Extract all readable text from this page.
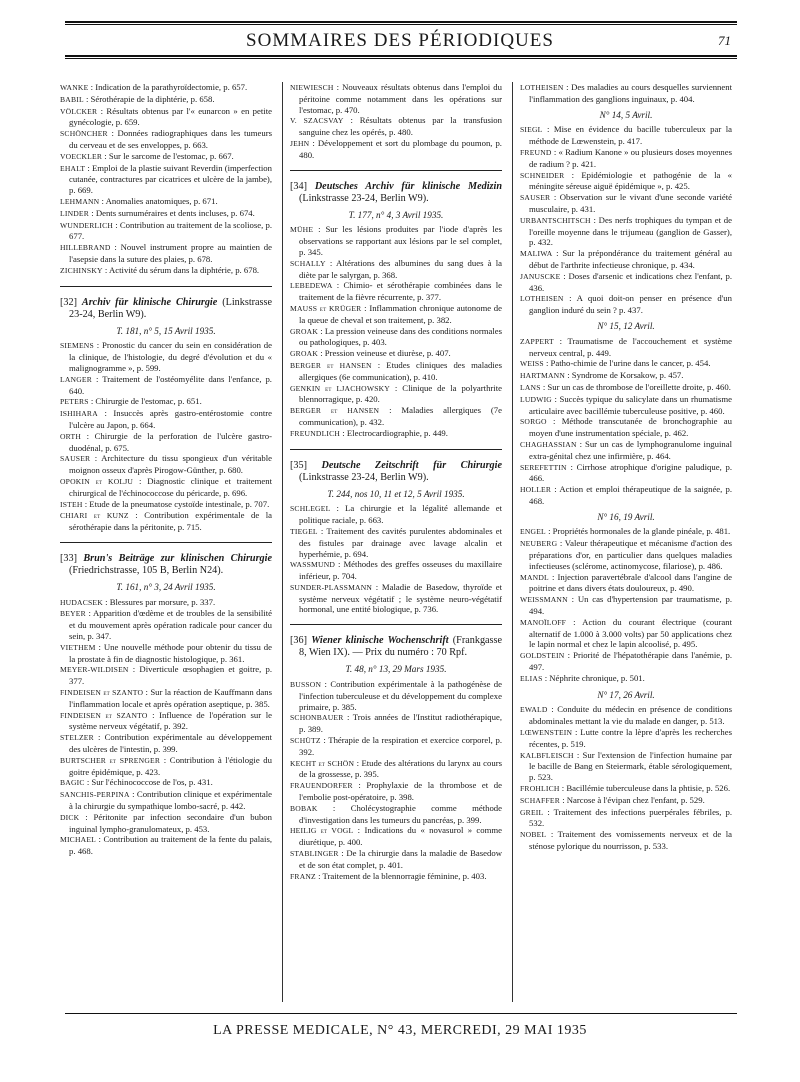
SOMMAIRES DES PÉRIODIQUES	71

WANKE : Indication de la parathyroïdectomie, p. 657.

BABIL : Sérothérapie de la diphtérie, p. 658.

VÖLCKER : Résultats obtenus par l'« eunarcon » en petite gynécologie, p. 659.

SCHÖNCHER : Données radiographiques dans les tumeurs du cerveau et de ses enveloppes, p. 663.

VOECKLER : Sur le sarcome de l'estomac, p. 667.

EHALT : Emploi de la plastie suivant Reverdin (imperfection cutanée, contractures par cicatrices et ulcère de la jambe), p. 669.

LEHMANN : Anomalies anatomiques, p. 671.

LINDER : Dents surnuméraires et dents incluses, p. 674.

WUNDERLICH : Contribution au traitement de la scoliose, p. 677.

HILLEBRAND : Nouvel instrument propre au maintien de l'asepsie dans la suture des plaies, p. 678.

ZICHINSKY : Activité du sérum dans la diphtérie, p. 678.

[32] Archiv für klinische Chirurgie (Linkstrasse 23-24, Berlin W9).

T. 181, n° 5, 15 Avril 1935.

SIEMENS : Pronostic du cancer du sein en considération de la clinique, de l'histologie, du degré d'évolution et du « malignogramme », p. 599.

LANGER : Traitement de l'ostéomyélite dans l'enfance, p. 640.

PETERS : Chirurgie de l'estomac, p. 651.

ISHIHARA : Insuccès après gastro-entérostomie contre l'ulcère au Japon, p. 664.

ORTH : Chirurgie de la perforation de l'ulcère gastro-duodénal, p. 675.

SAUSER : Architecture du tissu spongieux d'un véritable moignon osseux d'après Pirogow-Günther, p. 680.

OPOKIN et KOLJU : Diagnostic clinique et traitement chirurgical de l'échinococcose du péricarde, p. 696.

ISTEH : Etude de la pneumatose cystoïde intestinale, p. 707.

CHIARI et KUNZ : Contribution expérimentale de la sérothérapie dans la péritonite, p. 715.

[33] Brun's Beiträge zur klinischen Chirurgie (Friedrichstrasse, 105 B, Berlin N24).

T. 161, n° 3, 24 Avril 1935.

HUDACSEK : Blessures par morsure, p. 337.

BEYER : Apparition d'œdème et de troubles de la sensibilité et du mouvement après opération radicale pour cancer du sein, p. 347.

VIETHEM : Une nouvelle méthode pour obtenir du tissu de la prostate à fin de diagnostic histologique, p. 361.

MEYER-WILDISEN : Diverticule œsophagien et goitre, p. 377.

FINDEISEN et SZANTO : Sur la réaction de Kauffmann dans l'inflammation locale et après opération aseptique, p. 385.

FINDEISEN et SZANTO : Influence de l'opération sur le système nerveux végétatif, p. 392.

STELZER : Contribution expérimentale au développement des ulcères de l'intestin, p. 399.

BURTSCHER et SPRENGER : Contribution à l'étiologie du goitre épidémique, p. 423.

BAGIC : Sur l'échinococcose de l'os, p. 431.

SANCHIS-PERPINA : Contribution clinique et expérimentale à la chirurgie du sympathique lombo-sacré, p. 442.

DICK : Péritonite par infection secondaire d'un bubon inguinal lympho-granulomateux, p. 453.

MICHAEL : Contribution au traitement de la fente du palais, p. 468.

NIEWIESCH : Nouveaux résultats obtenus dans l'emploi du péritoine comme notamment dans les opérations sur l'estomac, p. 470.

V. SZACSVAY : Résultats obtenus par la transfusion sanguine chez les opérés, p. 480.

JEHN : Développement et sort du plombage du poumon, p. 480.

[34] Deutsches Archiv für klinische Medizin (Linkstrasse 23-24, Berlin W9).

T. 177, n° 4, 3 Avril 1935.

MÜHE : Sur les lésions produites par l'iode d'après les observations se rapportant aux lésions par le sel complet, p. 345.

SCHALLY : Altérations des albumines du sang dues à la diète par le salyrgan, p. 368.

LEBEDEWA : Chimio- et sérothérapie combinées dans le traitement de la fièvre récurrente, p. 377.

MAUSS et KRÜGER : Inflammation chronique autonome de la queue de cheval et son traitement, p. 382.

GROAK : La pression veineuse dans des conditions normales ou pathologiques, p. 403.

GROAK : Pression veineuse et diurèse, p. 407.

BERGER et HANSEN : Etudes cliniques des maladies allergiques (6e communication), p. 410.

GENKIN et LJACHOWSKY : Clinique de la polyarthrite blennorragique, p. 420.

BERGER et HANSEN : Maladies allergiques (7e communication), p. 432.

FREUNDLICH : Electrocardiographie, p. 449.

[35] Deutsche Zeitschrift für Chirurgie (Linkstrasse 23-24, Berlin W9).

T. 244, nos 10, 11 et 12, 5 Avril 1935.

SCHLEGEL : La chirurgie et la légalité allemande et politique raciale, p. 663.

TIEGEL : Traitement des cavités purulentes abdominales et des fistules par drainage avec lavage alcalin et hyperhémie, p. 694.

WASSMUND : Méthodes des greffes osseuses du maxillaire inférieur, p. 704.

SUNDER-PLASSMANN : Maladie de Basedow, thyroïde et système nerveux végétatif ; le système neuro-végétatif hormonal, une entité biologique, p. 736.

[36] Wiener klinische Wochenschrift (Frankgasse 8, Wien IX). — Prix du numéro : 70 Rpf.

T. 48, n° 13, 29 Mars 1935.

BUSSON : Contribution expérimentale à la pathogénèse de l'infection tuberculeuse et du développement du complexe primaire, p. 385.

SCHONBAUER : Trois années de l'Institut radiothérapique, p. 389.

SCHÜTZ : Thérapie de la respiration et exercice corporel, p. 392.

KECHT et SCHÖN : Etude des altérations du larynx au cours de la grossesse, p. 395.

FRAUENDORFER : Prophylaxie de la thrombose et de l'embolie post-opératoire, p. 398.

BOBAK : Cholécystographie comme méthode d'investigation dans les tumeurs du pancréas, p. 399.

HEILIG et VOGL : Indications du « novasurol » comme diurétique, p. 400.

STABLINGER : De la chirurgie dans la maladie de Basedow et de son état complet, p. 401.

FRANZ : Traitement de la blennorragie féminine, p. 403.

LOTHEISEN : Des maladies au cours desquelles surviennent l'inflammation des ganglions inguinaux, p. 404.

N° 14, 5 Avril.

SIEGL : Mise en évidence du bacille tuberculeux par la méthode de Lœwenstein, p. 417.

FREUND : « Radium Kanone » ou plusieurs doses moyennes de radium ? p. 421.

SCHNEIDER : Epidémiologie et pathogénie de la « méningite séreuse aiguë épidémique », p. 425.

SAUSER : Observation sur le vivant d'une seconde variété musculaire, p. 431.

URBANTSCHITSCH : Des nerfs trophiques du tympan et de l'oreille moyenne dans le trijumeau (ganglion de Gasser), p. 432.

MALIWA : Sur la prépondérance du traitement général au début de l'arthrite infectieuse chronique, p. 434.

JANUSCKE : Doses d'arsenic et indications chez l'enfant, p. 436.

LOTHEISEN : A quoi doit-on penser en présence d'un ganglion induré du sein ? p. 437.

N° 15, 12 Avril.

ZAPPERT : Traumatisme de l'accouchement et système nerveux central, p. 449.

WEISS : Patho-chimie de l'urine dans le cancer, p. 454.

HARTMANN : Syndrome de Korsakow, p. 457.

LANS : Sur un cas de thrombose de l'oreillette droite, p. 460.

LUDWIG : Succès typique du salicylate dans un rhumatisme articulaire avec bacillémie tuberculeuse positive, p. 460.

SORGO : Méthode transcutanée de bronchographie au moyen d'une instrumentation spéciale, p. 462.

CHAGHASSIAN : Sur un cas de lymphogranulome inguinal extra-génital chez une infirmière, p. 464.

SEREFETTIN : Cirrhose atrophique d'origine paludique, p. 466.

HOLLER : Action et emploi thérapeutique de la saignée, p. 468.

N° 16, 19 Avril.

ENGEL : Propriétés hormonales de la glande pinéale, p. 481.

NEUBERG : Valeur thérapeutique et mécanisme d'action des préparations d'or, en particulier dans quelques maladies infectieuses (sclérome, actinomycose, filariose), p. 486.

MANDL : Injection paravertébrale d'alcool dans l'angine de poitrine et dans divers états douloureux, p. 490.

WEISSMANN : Un cas d'hypertension par traumatisme, p. 494.

MANOÏLOFF : Action du courant électrique (courant alternatif de 1.000 à 3.000 volts) par 50 applications chez le lapin normal et chez le lapin alcoolisé, p. 495.

GOLDSTEIN : Priorité de l'hépatothérapie dans l'anémie, p. 497.

ELIAS : Néphrite chronique, p. 501.

N° 17, 26 Avril.

EWALD : Conduite du médecin en présence de conditions abdominales mettant la vie du malade en danger, p. 513.

LŒWENSTEIN : Lutte contre la lèpre d'après les recherches récentes, p. 519.

KALBFLEISCH : Sur l'extension de l'infection humaine par le bacille de Bang en Steiermark, étable sérologiquement, p. 523.

FROHLICH : Bacillémie tuberculeuse dans la phtisie, p. 526.

SCHAFFER : Narcose à l'évipan chez l'enfant, p. 529.

GREIL : Traitement des infections puerpérales fébriles, p. 532.

NOBEL : Traitement des vomissements nerveux et de la sténose pylorique du nourrisson, p. 533.

LA PRESSE MEDICALE, N° 43, MERCREDI, 29 MAI 1935
